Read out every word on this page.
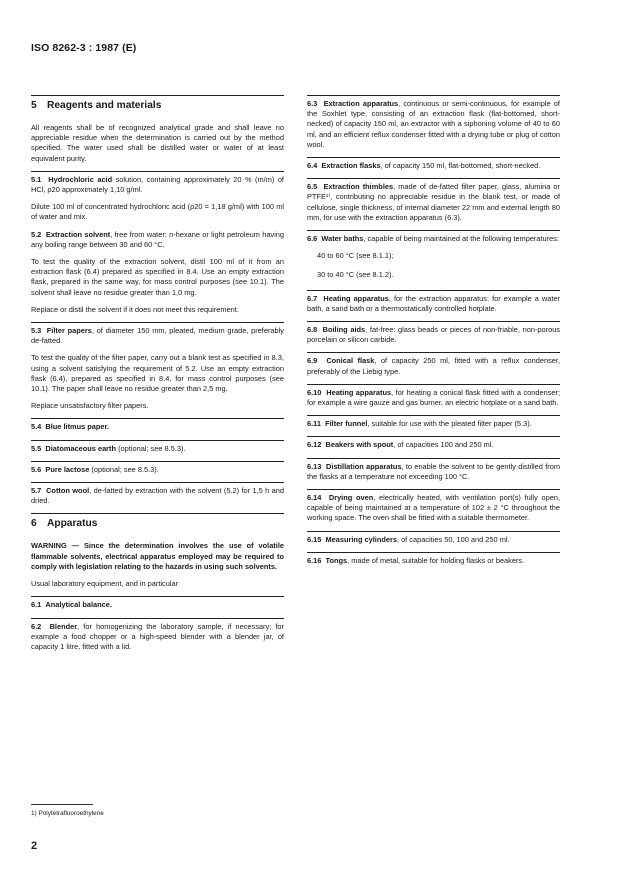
ISO 8262-3 : 1987 (E)
5 Reagents and materials

All reagents shall be of recognized analytical grade and shall leave no appreciable residue when the determination is carried out by the method specified. The water used shall be distilled water or water of at least equivalent purity.

5.1 Hydrochloric acid solution, containing approximately 20 % (m/m) of HCl, ρ20 approximately 1,10 g/ml.

Dilute 100 ml of concentrated hydrochloric acid (ρ20 = 1,18 g/ml) with 100 ml of water and mix.

5.2 Extraction solvent, free from water: n-hexane or light petroleum having any boiling range between 30 and 60 °C.

To test the quality of the extraction solvent, distil 100 ml of it from an extraction flask (6.4) prepared as specified in 8.4. Use an empty extraction flask, prepared in the same way, for mass control purposes (see 10.1). The solvent shall leave no residue greater than 1,0 mg.

Replace or distil the solvent if it does not meet this requirement.

5.3 Filter papers, of diameter 150 mm, pleated, medium grade, preferably de-fatted.

To test the quality of the filter paper, carry out a blank test as specified in 8.3, using a solvent satisfying the requirement of 5.2. Use an empty extraction flask (6.4), prepared as specified in 8.4, for mass control purposes (see 10.1). The paper shall leave no residue greater than 2,5 mg.

Replace unsatisfactory filter papers.

5.4 Blue litmus paper.

5.5 Diatomaceous earth (optional; see 8.5.3).

5.6 Pure lactose (optional; see 8.5.3).

5.7 Cotton wool, de-fatted by extraction with the solvent (5.2) for 1,5 h and dried.

6 Apparatus

WARNING — Since the determination involves the use of volatile flammable solvents, electrical apparatus employed may be required to comply with legislation relating to the hazards in using such solvents.

Usual laboratory equipment, and in particular

6.1 Analytical balance.

6.2 Blender, for homogenizing the laboratory sample, if necessary; for example a food chopper or a high-speed blender with a blender jar, of capacity 1 litre, fitted with a lid.

6.3 Extraction apparatus, continuous or semi-continuous, for example of the Soxhlet type, consisting of an extraction flask (flat-bottomed, short-necked) of capacity 150 ml, an extractor with a siphoning volume of 40 to 60 ml, and an efficient reflux condenser fitted with a drying tube or plug of cotton wool.

6.4 Extraction flasks, of capacity 150 ml, flat-bottomed, short-necked.

6.5 Extraction thimbles, made of de-fatted filter paper, glass, alumina or PTFE¹⁾, contributing no appreciable residue in the blank test, or made of cellulose, single thickness, of internal diameter 22 mm and external length 80 mm, for use with the extraction apparatus (6.3).

6.6 Water baths, capable of being maintained at the following temperatures:

40 to 60 °C (see 8.1.1);

30 to 40 °C (see 8.1.2).

6.7 Heating apparatus, for the extraction apparatus: for example a water bath, a sand bath or a thermostatically controlled hotplate.

6.8 Boiling aids, fat-free: glass beads or pieces of non-friable, non-porous porcelain or silicon carbide.

6.9 Conical flask, of capacity 250 ml, fitted with a reflux condenser, preferably of the Liebig type.

6.10 Heating apparatus, for heating a conical flask fitted with a condenser; for example a wire gauze and gas burner, an electric hotplate or a sand bath.

6.11 Filter funnel, suitable for use with the pleated filter paper (5.3).

6.12 Beakers with spout, of capacities 100 and 250 ml.

6.13 Distillation apparatus, to enable the solvent to be gently distilled from the flasks at a temperature not exceeding 100 °C.

6.14 Drying oven, electrically heated, with ventilation port(s) fully open, capable of being maintained at a temperature of 102 ± 2 °C throughout the working space. The oven shall be fitted with a suitable thermometer.

6.15 Measuring cylinders, of capacities 50, 100 and 250 ml.

6.16 Tongs, made of metal, suitable for holding flasks or beakers.

1) Polytetrafluoroethylene
2
